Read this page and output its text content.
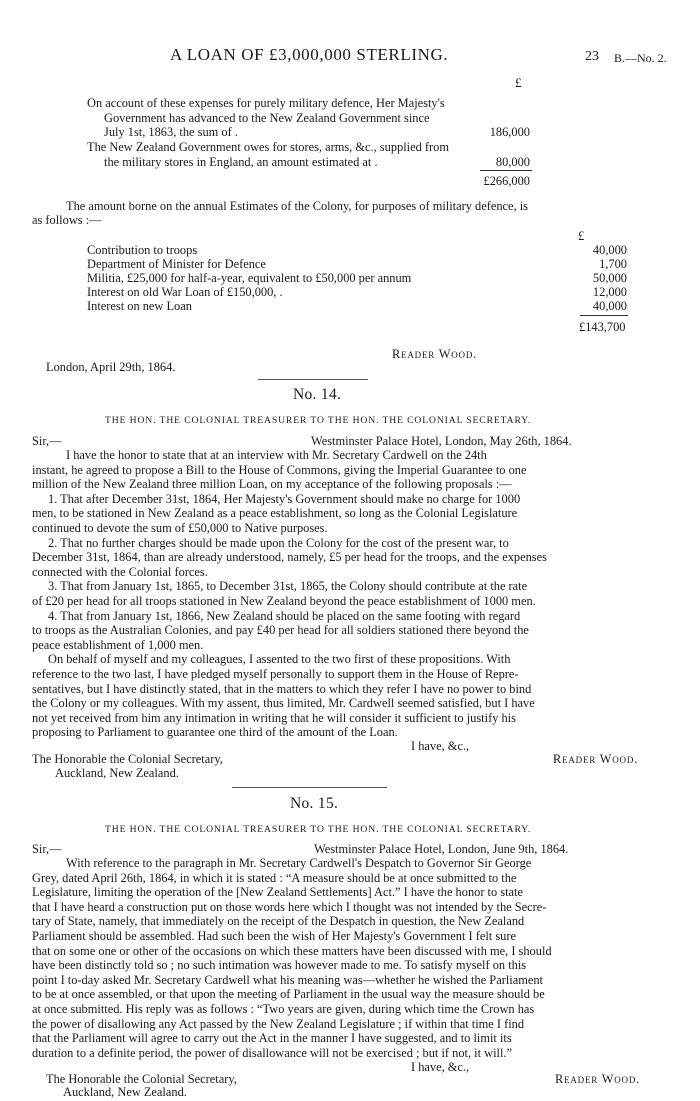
A LOAN OF £3,000,000 STERLING.	23 B.—No. 2.
£
On account of these expenses for purely military defence, Her Majesty's
Government has advanced to the New Zealand Government since
July 1st, 1863, the sum of .	186,000
The New Zealand Government owes for stores, arms, &c., supplied from
the military stores in England, an amount estimated at .	80,000
£266,000
The amount borne on the annual Estimates of the Colony, for purposes of military defence, is
as follows :—
£
Contribution to troops	40,000
Department of Minister for Defence	1,700
Militia, £25,000 for half-a-year, equivalent to £50,000 per annum	50,000
Interest on old War Loan of £150,000, .	12,000
Interest on new Loan	40,000
£143,700
Reader Wood.
London, April 29th, 1864.
No. 14.
THE HON. THE COLONIAL TREASURER TO THE HON. THE COLONIAL SECRETARY.
Sir,—	Westminster Palace Hotel, London, May 26th, 1864.
I have the honor to state that at an interview with Mr. Secretary Cardwell on the 24th
instant, he agreed to propose a Bill to the House of Commons, giving the Imperial Guarantee to one
million of the New Zealand three million Loan, on my acceptance of the following proposals :—
1. That after December 31st, 1864, Her Majesty's Government should make no charge for 1000
men, to be stationed in New Zealand as a peace establishment, so long as the Colonial Legislature
continued to devote the sum of £50,000 to Native purposes.
2. That no further charges should be made upon the Colony for the cost of the present war, to
December 31st, 1864, than are already understood, namely, £5 per head for the troops, and the expenses
connected with the Colonial forces.
3. That from January 1st, 1865, to December 31st, 1865, the Colony should contribute at the rate
of £20 per head for all troops stationed in New Zealand beyond the peace establishment of 1000 men.
4. That from January 1st, 1866, New Zealand should be placed on the same footing with regard
to troops as the Australian Colonies, and pay £40 per head for all soldiers stationed there beyond the
peace establishment of 1,000 men.
On behalf of myself and my colleagues, I assented to the two first of these propositions. With
reference to the two last, I have pledged myself personally to support them in the House of Repre-
sentatives, but I have distinctly stated, that in the matters to which they refer I have no power to bind
the Colony or my colleagues. With my assent, thus limited, Mr. Cardwell seemed satisfied, but I have
not yet received from him any intimation in writing that he will consider it sufficient to justify his
proposing to Parliament to guarantee one third of the amount of the Loan.
I have, &c.,
The Honorable the Colonial Secretary,	Reader Wood.
Auckland, New Zealand.
No. 15.
THE HON. THE COLONIAL TREASURER TO THE HON. THE COLONIAL SECRETARY.
Sir,—	Westminster Palace Hotel, London, June 9th, 1864.
With reference to the paragraph in Mr. Secretary Cardwell's Despatch to Governor Sir George
Grey, dated April 26th, 1864, in which it is stated : “A measure should be at once submitted to the
Legislature, limiting the operation of the [New Zealand Settlements] Act.” I have the honor to state
that I have heard a construction put on those words here which I thought was not intended by the Secre-
tary of State, namely, that immediately on the receipt of the Despatch in question, the New Zealand
Parliament should be assembled. Had such been the wish of Her Majesty's Government I felt sure
that on some one or other of the occasions on which these matters have been discussed with me, I should
have been distinctly told so ; no such intimation was however made to me. To satisfy myself on this
point I to-day asked Mr. Secretary Cardwell what his meaning was—whether he wished the Parliament
to be at once assembled, or that upon the meeting of Parliament in the usual way the measure should be
at once submitted. His reply was as follows : “Two years are given, during which time the Crown has
the power of disallowing any Act passed by the New Zealand Legislature ; if within that time I find
that the Parliament will agree to carry out the Act in the manner I have suggested, and to limit its
duration to a definite period, the power of disallowance will not be exercised ; but if not, it will.”
I have, &c.,
The Honorable the Colonial Secretary,	Reader Wood.
Auckland, New Zealand.
